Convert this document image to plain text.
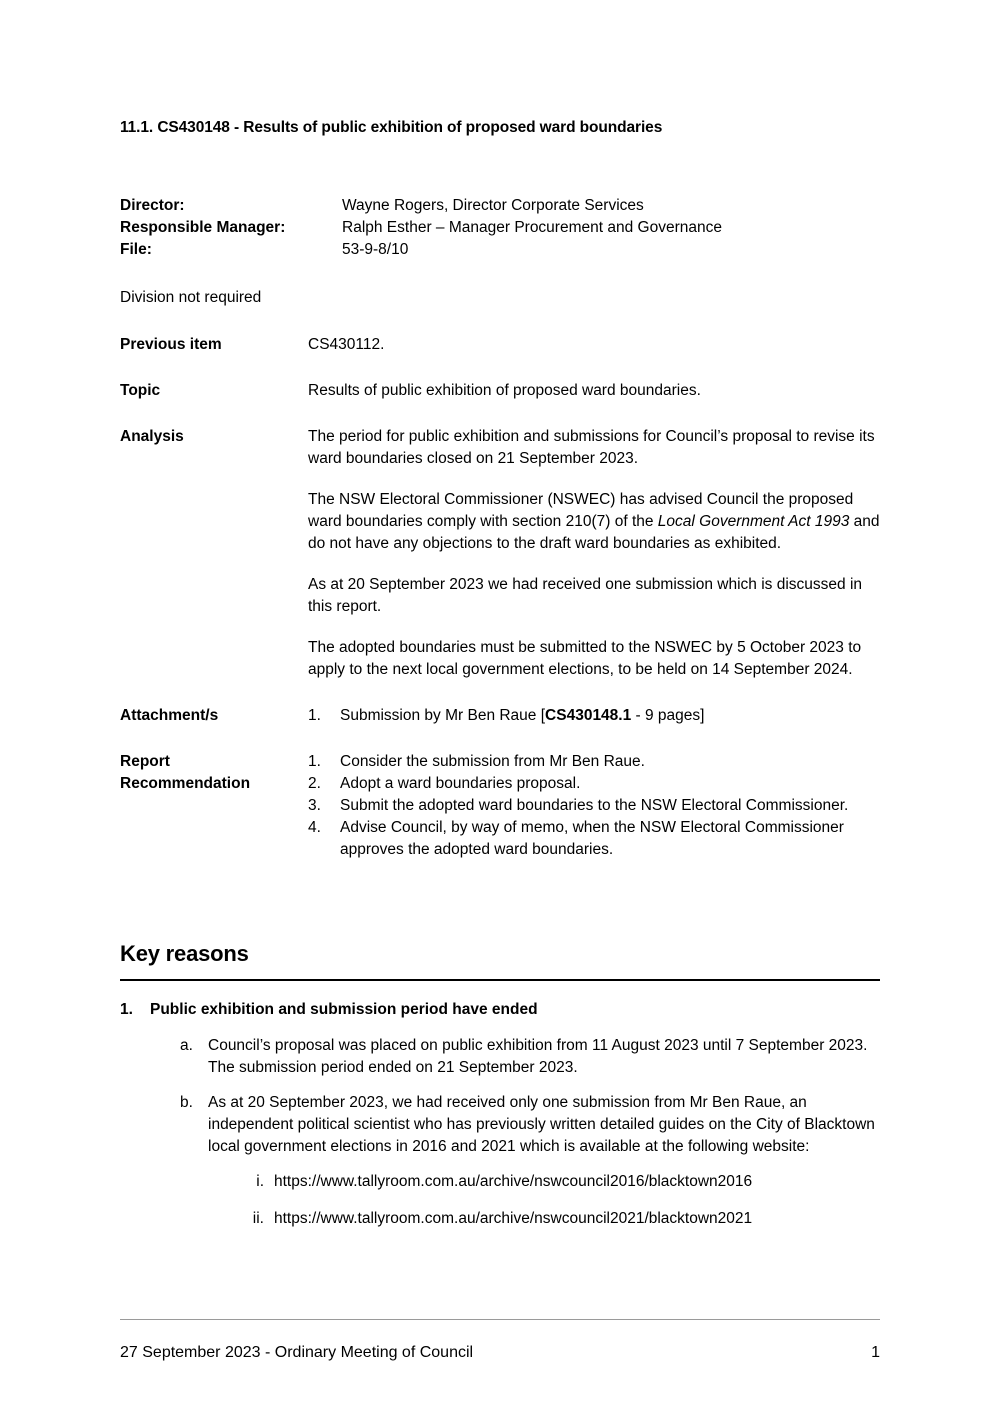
11.1. CS430148 - Results of public exhibition of proposed ward boundaries
Director:	Wayne Rogers, Director Corporate Services
Responsible Manager:	Ralph Esther – Manager Procurement and Governance
File:	53-9-8/10
Division not required
Previous item	CS430112.
Topic	Results of public exhibition of proposed ward boundaries.
Analysis	The period for public exhibition and submissions for Council’s proposal to revise its ward boundaries closed on 21 September 2023.

The NSW Electoral Commissioner (NSWEC) has advised Council the proposed ward boundaries comply with section 210(7) of the Local Government Act 1993 and do not have any objections to the draft ward boundaries as exhibited.

As at 20 September 2023 we had received one submission which is discussed in this report.

The adopted boundaries must be submitted to the NSWEC by 5 October 2023 to apply to the next local government elections, to be held on 14 September 2024.

Attachment/s	1.	Submission by Mr Ben Raue [CS430148.1 - 9 pages]
Report
Recommendation
1.	Consider the submission from Mr Ben Raue.
2.	Adopt a ward boundaries proposal.
3.	Submit the adopted ward boundaries to the NSW Electoral Commissioner.
4.	Advise Council, by way of memo, when the NSW Electoral Commissioner approves the adopted ward boundaries.
Key reasons
1.	Public exhibition and submission period have ended
a. Council’s proposal was placed on public exhibition from 11 August 2023 until 7 September 2023. The submission period ended on 21 September 2023.
b. As at 20 September 2023, we had received only one submission from Mr Ben Raue, an independent political scientist who has previously written detailed guides on the City of Blacktown local government elections in 2016 and 2021 which is available at the following website:
i. https://www.tallyroom.com.au/archive/nswcouncil2016/blacktown2016
ii. https://www.tallyroom.com.au/archive/nswcouncil2021/blacktown2021
27 September 2023 - Ordinary Meeting of Council	1
